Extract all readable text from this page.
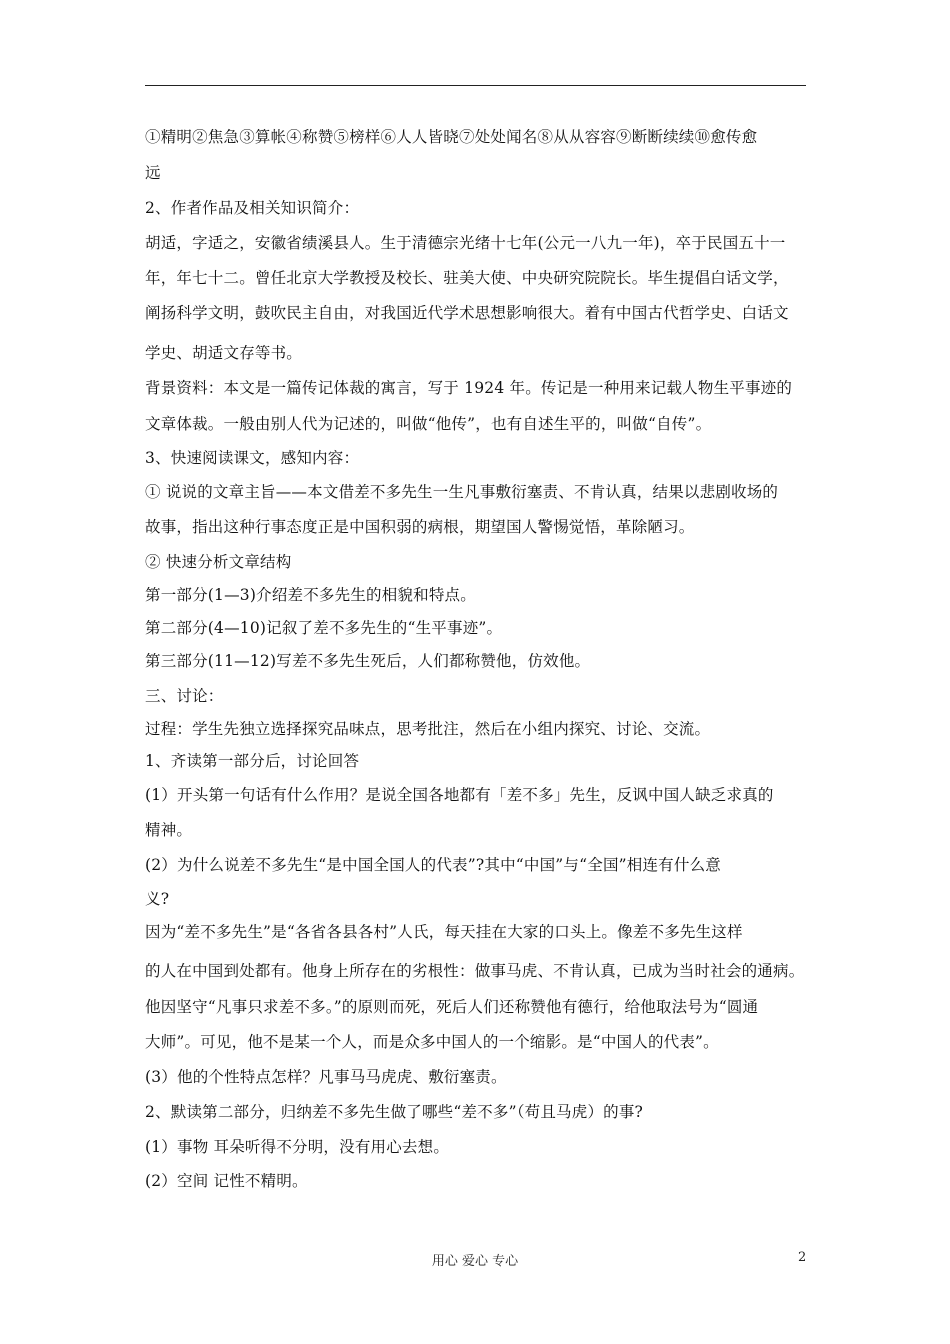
①精明②焦急③算帐④称赞⑤榜样⑥人人皆晓⑦处处闻名⑧从从容容⑨断断续续⑩愈传愈
远
2、作者作品及相关知识简介：
胡适，字适之，安徽省绩溪县人。生于清德宗光绪十七年(公元一八九一年)，卒于民国五十一
年，年七十二。曾任北京大学教授及校长、驻美大使、中央研究院院长。毕生提倡白话文学，
阐扬科学文明，鼓吹民主自由，对我国近代学术思想影响很大。着有中国古代哲学史、白话文
学史、胡适文存等书。
背景资料：本文是一篇传记体裁的寓言，写于 1924 年。传记是一种用来记载人物生平事迹的
文章体裁。一般由别人代为记述的，叫做“他传”，也有自述生平的，叫做“自传”。
3、快速阅读课文，感知内容：
① 说说的文章主旨——本文借差不多先生一生凡事敷衍塞责、不肯认真，结果以悲剧收场的
故事，指出这种行事态度正是中国积弱的病根，期望国人警惕觉悟，革除陋习。
② 快速分析文章结构
第一部分(1—3)介绍差不多先生的相貌和特点。
第二部分(4—10)记叙了差不多先生的“生平事迹”。
第三部分(11—12)写差不多先生死后，人们都称赞他，仿效他。
三、讨论：
过程：学生先独立选择探究品味点，思考批注，然后在小组内探究、讨论、交流。
1、齐读第一部分后，讨论回答
(1）开头第一句话有什么作用？是说全国各地都有「差不多」先生，反讽中国人缺乏求真的
精神。
(2）为什么说差不多先生“是中国全国人的代表”?其中“中国”与“全国”相连有什么意
义?
因为“差不多先生”是“各省各县各村”人氏，每天挂在大家的口头上。像差不多先生这样
的人在中国到处都有。他身上所存在的劣根性：做事马虎、不肯认真，已成为当时社会的通病。
他因坚守“凡事只求差不多。”的原则而死，死后人们还称赞他有德行，给他取法号为“圆通
大师”。可见，他不是某一个人，而是众多中国人的一个缩影。是“中国人的代表”。
(3）他的个性特点怎样？凡事马马虎虎、敷衍塞责。
2、默读第二部分，归纳差不多先生做了哪些“差不多”（苟且马虎）的事?
(1）事物 耳朵听得不分明，没有用心去想。
(2）空间 记性不精明。
用心 爱心 专心	2
